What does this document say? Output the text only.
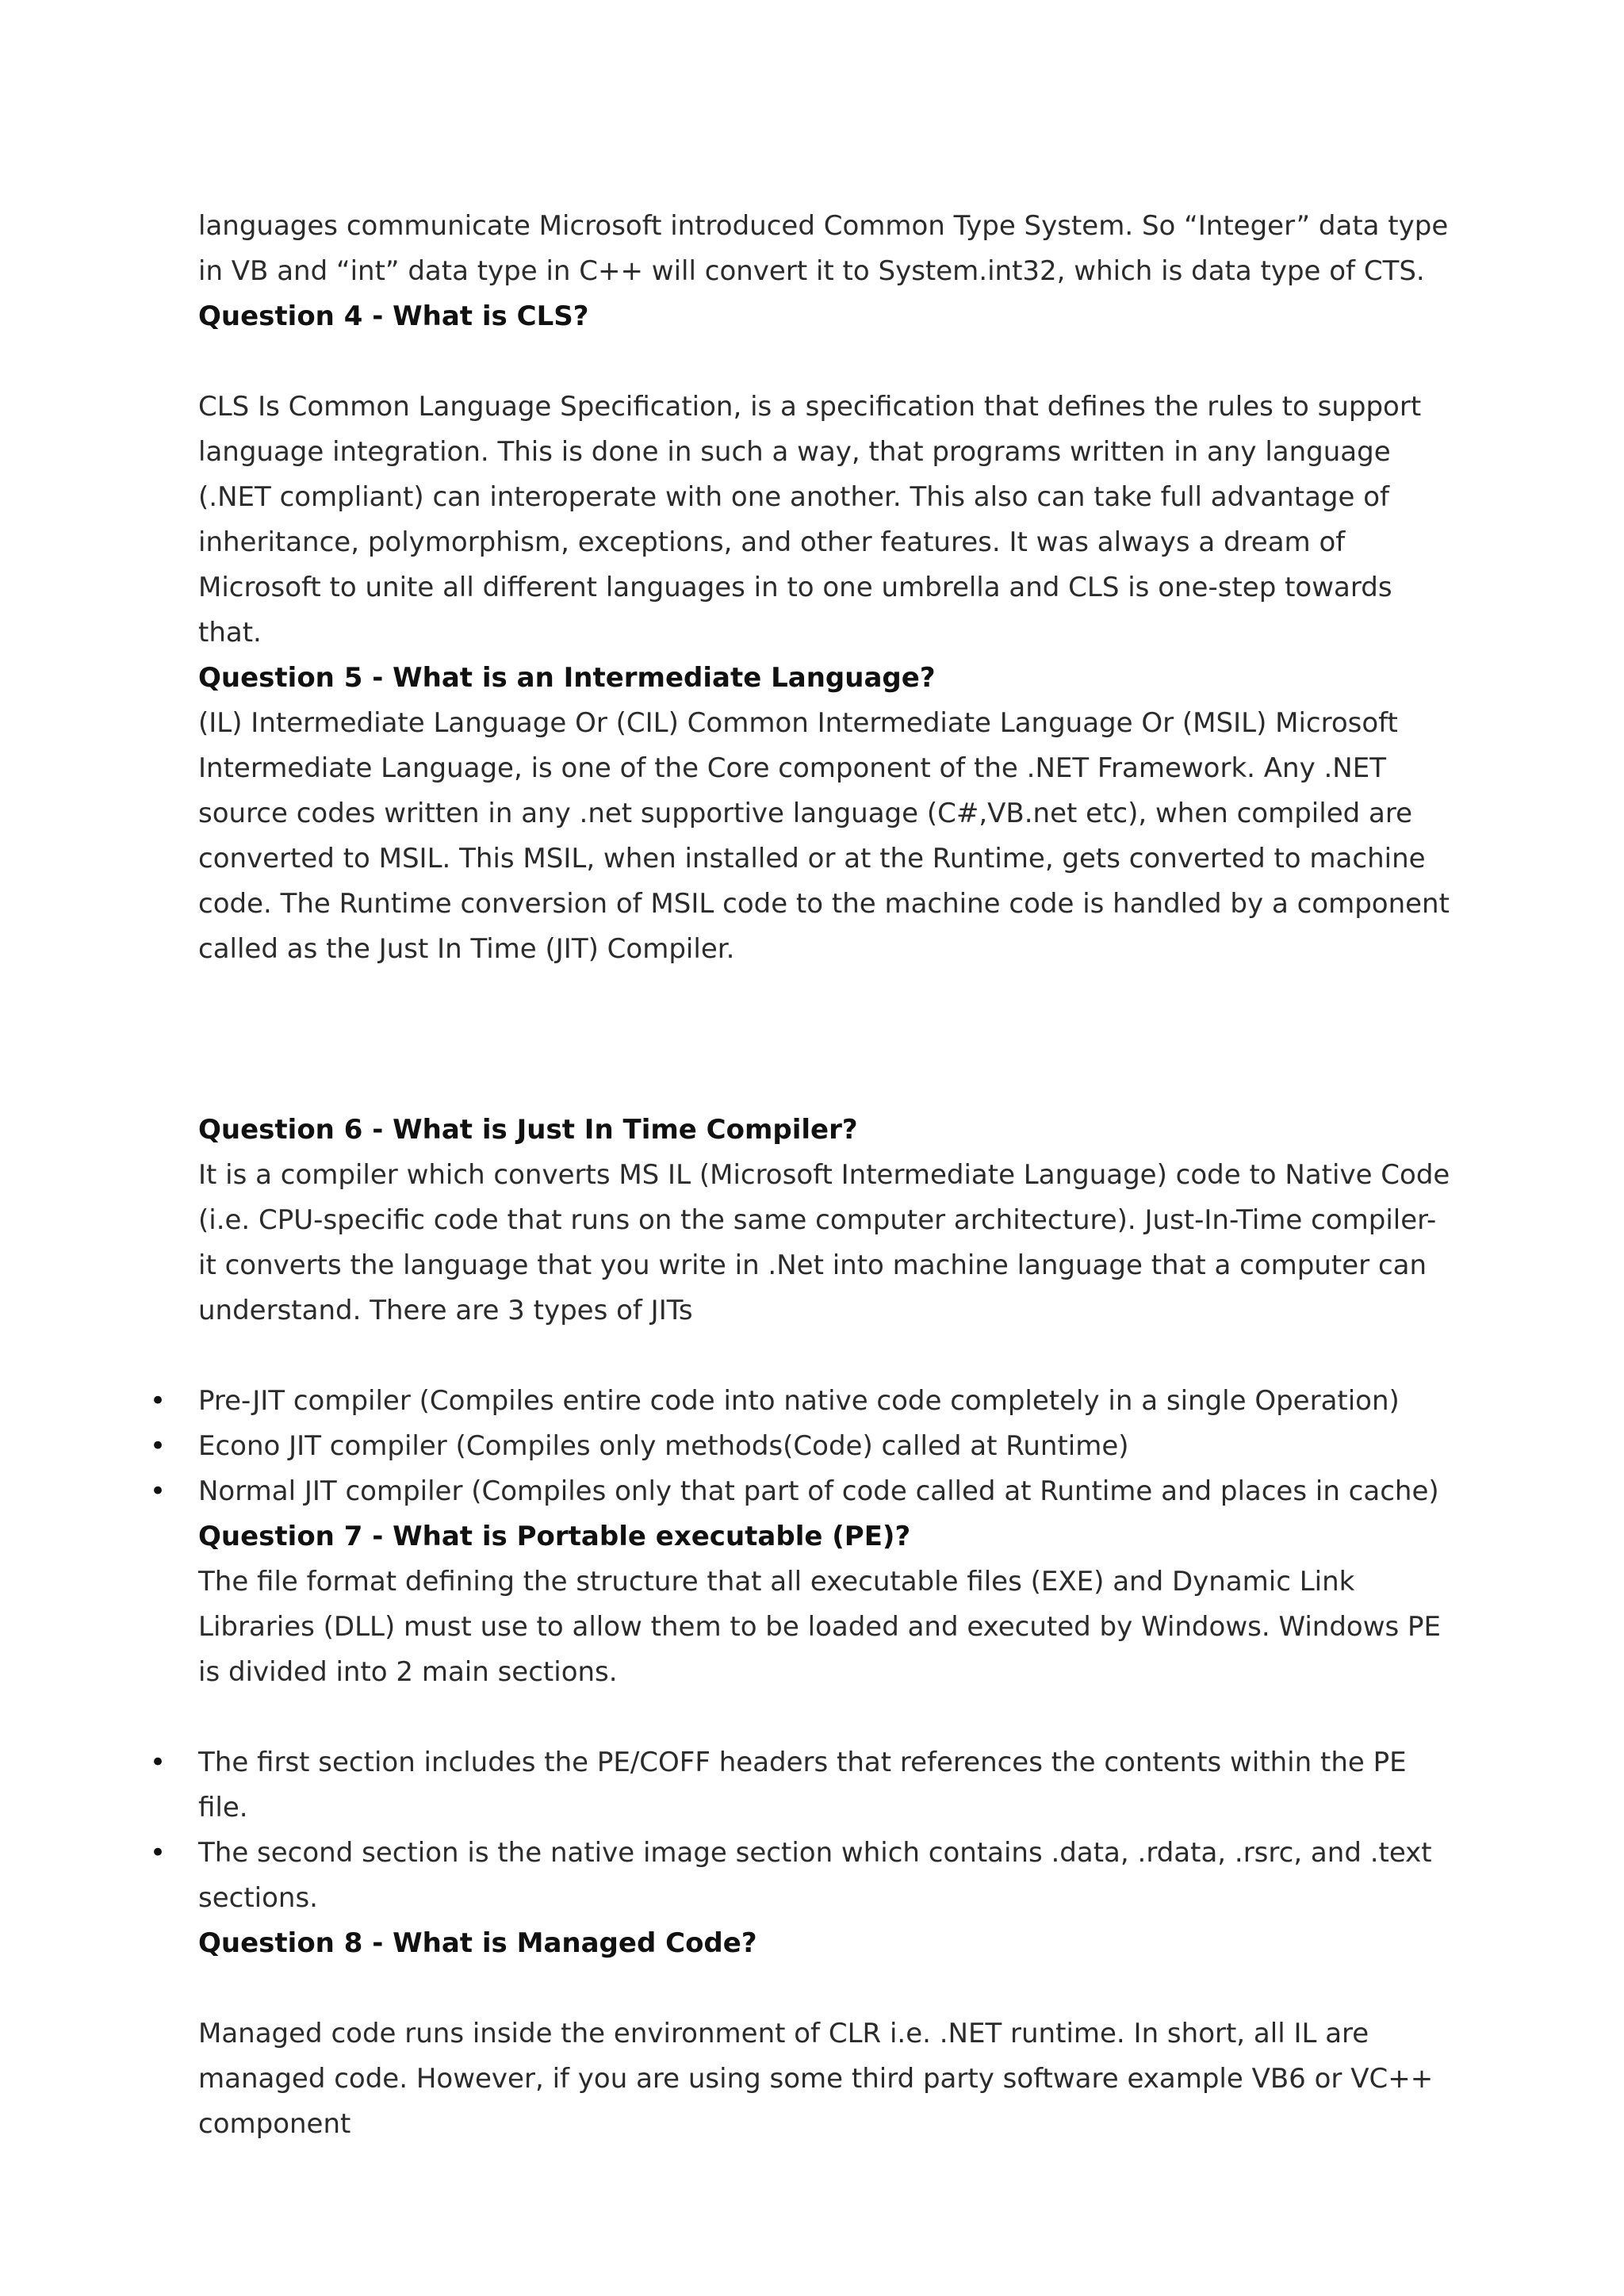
languages communicate Microsoft introduced Common Type System. So “Integer” data type in VB and “int” data type in C++ will convert it to System.int32, which is data type of CTS.

Question 4 - What is CLS?

CLS Is Common Language Specification, is a specification that defines the rules to support language integration. This is done in such a way, that programs written in any language (.NET compliant) can interoperate with one another. This also can take full advantage of inheritance, polymorphism, exceptions, and other features. It was always a dream of Microsoft to unite all different languages in to one umbrella and CLS is one-step towards that.

Question 5 - What is an Intermediate Language?

(IL) Intermediate Language Or (CIL) Common Intermediate Language Or (MSIL) Microsoft Intermediate Language, is one of the Core component of the .NET Framework. Any .NET source codes written in any .net supportive language (C#,VB.net etc), when compiled are converted to MSIL. This MSIL, when installed or at the Runtime, gets converted to machine code. The Runtime conversion of MSIL code to the machine code is handled by a component called as the Just In Time (JIT) Compiler.

Question 6 - What is Just In Time Compiler?

It is a compiler which converts MS IL (Microsoft Intermediate Language) code to Native Code (i.e. CPU-specific code that runs on the same computer architecture). Just-In-Time compiler- it converts the language that you write in .Net into machine language that a computer can understand. There are 3 types of JITs

• Pre-JIT compiler (Compiles entire code into native code completely in a single Operation)
• Econo JIT compiler (Compiles only methods(Code) called at Runtime)
• Normal JIT compiler (Compiles only that part of code called at Runtime and places in cache)

Question 7 - What is Portable executable (PE)?

The file format defining the structure that all executable files (EXE) and Dynamic Link Libraries (DLL) must use to allow them to be loaded and executed by Windows. Windows PE is divided into 2 main sections.

• The first section includes the PE/COFF headers that references the contents within the PE file.
• The second section is the native image section which contains .data, .rdata, .rsrc, and .text sections.

Question 8 - What is Managed Code?

Managed code runs inside the environment of CLR i.e. .NET runtime. In short, all IL are managed code. However, if you are using some third party software example VB6 or VC++ component
